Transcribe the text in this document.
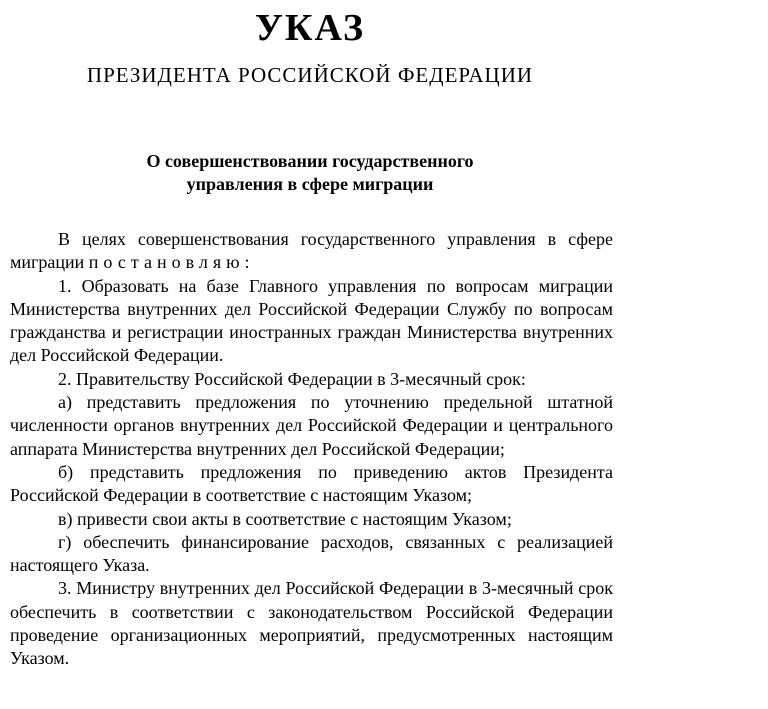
УКАЗ
ПРЕЗИДЕНТА РОССИЙСКОЙ ФЕДЕРАЦИИ
О совершенствовании государственного
управления в сфере миграции

В целях совершенствования государственного управления в сфере миграции постановляю:

1. Образовать на базе Главного управления по вопросам миграции Министерства внутренних дел Российской Федерации Службу по вопросам гражданства и регистрации иностранных граждан Министерства внутренних дел Российской Федерации.

2. Правительству Российской Федерации в 3-месячный срок:

а) представить предложения по уточнению предельной штатной численности органов внутренних дел Российской Федерации и центрального аппарата Министерства внутренних дел Российской Федерации;

б) представить предложения по приведению актов Президента Российской Федерации в соответствие с настоящим Указом;

в) привести свои акты в соответствие с настоящим Указом;

г) обеспечить финансирование расходов, связанных с реализацией настоящего Указа.

3. Министру внутренних дел Российской Федерации в 3-месячный срок обеспечить в соответствии с законодательством Российской Федерации проведение организационных мероприятий, предусмотренных настоящим Указом.
